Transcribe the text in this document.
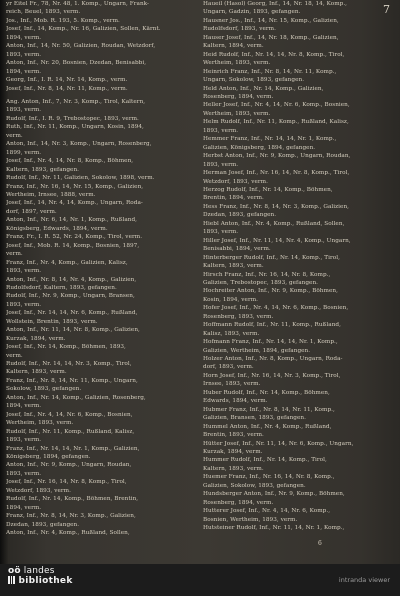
7
yr Eitel Fr., 78, Nr. 48, 1. Komp., Ungarn, Frank-
reich, Beuel, 1893, verm.
Jos., Inf., Mob. R. 193, 5. Komp., verm.
Josef, Inf., 14, Komp., Nr. 16, Galizien, Sollen, Kärnt.
1894, verm.
Anton, Inf., 14, Nr. 50, Galizien, Roudan, Wetzdorf,
1893, verm.
Anton, Inf., Nr. 20, Bosnien, Dzedan, Benisabbi,
1894, verm.
Georg, Inf., I. R. 14, Nr. 14, Komp., verm.
Josef, Inf., Nr. 8, 14, Nr. 11, Komp., verm.
Ang. Anton, Inf., 7, Nr. 3, Komp., Tirol, Kaltern,
1893, verm.
Rudolf, Inf., I. R. 9, Trebostopec, 1893, verm.
Ruth, Inf., Nr. 11, Komp., Ungarn, Kosin, 1894,
verm.
Anton, Inf., 14, Nr. 3, Komp., Ungarn, Rosenberg,
1899, verm.
Josef, Inf., Nr. 4, 14, Nr. 8, Komp., Böhmen,
Kaltern, 1893, gefangen.
Rudolf, Inf., Nr. 11, Galizien, Sokolow, 1898, verm.
Franz, Inf., Nr. 16, 14, Nr. 15, Komp., Galizien,
Wertheim, Irnsee, 1888, verm.
Josef, Inf., 14, Nr. 4, 14, Komp., Ungarn, Roda-
dorf, 1897, verm.
Anton, Inf., Nr. 6, 14, Nr. 1, Komp., Rußland,
Königsberg, Edwards, 1894, verm.
Franz, Fr., I. R. 52, Nr. 24, Komp., Tirol, verm.
Josef, Inf., Mob. R. 14, Komp., Bosnien, 1897,
verm.
Franz, Inf., Nr. 4, Komp., Galizien, Kalisz,
1893, verm.
Anton, Inf., Nr. 8, 14, Nr. 4, Komp., Galizien,
Rudolfsdorf, Kaltern, 1893, gefangen.
Rudolf, Inf., Nr. 9, Komp., Ungarn, Bransen,
1893, verm.
Josef, Inf., Nr. 14, 14, Nr. 6, Komp., Rußland,
Wollstein, Brentin, 1893, verm.
Anton, Inf., Nr. 11, 14, Nr. 8, Komp., Galizien,
Kurzak, 1894, verm.
Josef, Inf., Nr. 14, Komp., Böhmen, 1893,
verm.
Rudolf, Inf., Nr. 14, 14, Nr. 3, Komp., Tirol,
Kaltern, 1893, verm.
Franz, Inf., Nr. 8, 14, Nr. 11, Komp., Ungarn,
Sokolow, 1893, gefangen.
Anton, Inf., Nr. 14, Komp., Galizien, Rosenberg,
1894, verm.
Josef, Inf., Nr. 4, 14, Nr. 6, Komp., Bosnien,
Wertheim, 1893, verm.
Rudolf, Inf., Nr. 11, Komp., Rußland, Kalisz,
1893, verm.
Franz, Inf., Nr. 14, 14, Nr. 1, Komp., Galizien,
Königsberg, 1894, gefangen.
Anton, Inf., Nr. 9, Komp., Ungarn, Roudan,
1893, verm.
Josef, Inf., Nr. 16, 14, Nr. 8, Komp., Tirol,
Wetzdorf, 1893, verm.
Rudolf, Inf., Nr. 14, Komp., Böhmen, Brentin,
1894, verm.
Franz, Inf., Nr. 8, 14, Nr. 3, Komp., Galizien,
Dzedan, 1893, gefangen.
Anton, Inf., Nr. 4, Komp., Rußland, Sollen,
Haueil (Hasol) Georg, Inf., 14, Nr. 18, 14, Komp.,
Ungarn, Gadzin, 1893, gefangen.
Hausner Jos., Inf., 14, Nr. 15, Komp., Galizien,
Rudolfsdorf, 1893, verm.
Hauser Josef, Inf., 14, Nr. 18, Komp., Galizien,
Kaltern, 1894, verm.
Heid Rudolf, Inf., Nr. 14, 14, Nr. 8, Komp., Tirol,
Wertheim, 1893, verm.
Heinrich Franz, Inf., Nr. 8, 14, Nr. 11, Komp.,
Ungarn, Sokolow, 1893, gefangen.
Held Anton, Inf., Nr. 14, Komp., Galizien,
Rosenberg, 1894, verm.
Heller Josef, Inf., Nr. 4, 14, Nr. 6, Komp., Bosnien,
Wertheim, 1893, verm.
Helm Rudolf, Inf., Nr. 11, Komp., Rußland, Kalisz,
1893, verm.
Hemmer Franz, Inf., Nr. 14, 14, Nr. 1, Komp.,
Galizien, Königsberg, 1894, gefangen.
Herbst Anton, Inf., Nr. 9, Komp., Ungarn, Roudan,
1893, verm.
Herman Josef, Inf., Nr. 16, 14, Nr. 8, Komp., Tirol,
Wetzdorf, 1893, verm.
Herzog Rudolf, Inf., Nr. 14, Komp., Böhmen,
Brentin, 1894, verm.
Hess Franz, Inf., Nr. 8, 14, Nr. 3, Komp., Galizien,
Dzedan, 1893, gefangen.
Hiebl Anton, Inf., Nr. 4, Komp., Rußland, Sollen,
1893, verm.
Hiller Josef, Inf., Nr. 11, 14, Nr. 4, Komp., Ungarn,
Benisabbi, 1894, verm.
Hinterberger Rudolf, Inf., Nr. 14, Komp., Tirol,
Kaltern, 1893, verm.
Hirsch Franz, Inf., Nr. 16, 14, Nr. 8, Komp.,
Galizien, Trebostopec, 1893, gefangen.
Hochreiter Anton, Inf., Nr. 9, Komp., Böhmen,
Kosin, 1894, verm.
Hofer Josef, Inf., Nr. 4, 14, Nr. 6, Komp., Bosnien,
Rosenberg, 1893, verm.
Hoffmann Rudolf, Inf., Nr. 11, Komp., Rußland,
Kalisz, 1893, verm.
Hofmann Franz, Inf., Nr. 14, 14, Nr. 1, Komp.,
Galizien, Wertheim, 1894, gefangen.
Holzer Anton, Inf., Nr. 8, Komp., Ungarn, Roda-
dorf, 1893, verm.
Horn Josef, Inf., Nr. 16, 14, Nr. 3, Komp., Tirol,
Irnsee, 1893, verm.
Huber Rudolf, Inf., Nr. 14, Komp., Böhmen,
Edwards, 1894, verm.
Hubmer Franz, Inf., Nr. 8, 14, Nr. 11, Komp.,
Galizien, Bransen, 1893, gefangen.
Hummel Anton, Inf., Nr. 4, Komp., Rußland,
Brentin, 1893, verm.
Hütter Josef, Inf., Nr. 11, 14, Nr. 6, Komp., Ungarn,
Kurzak, 1894, verm.
Hummer Rudolf, Inf., Nr. 14, Komp., Tirol,
Kaltern, 1893, verm.
Huemer Franz, Inf., Nr. 16, 14, Nr. 8, Komp.,
Galizien, Sokolow, 1893, gefangen.
Hundsberger Anton, Inf., Nr. 9, Komp., Böhmen,
Rosenberg, 1894, verm.
Hutterer Josef, Inf., Nr. 4, 14, Nr. 6, Komp.,
Bosnien, Wertheim, 1893, verm.
Hutsteiner Rudolf, Inf., Nr. 11, 14, Nr. 1, Komp.,
6
oö landes
bibliothek	intranda viewer
